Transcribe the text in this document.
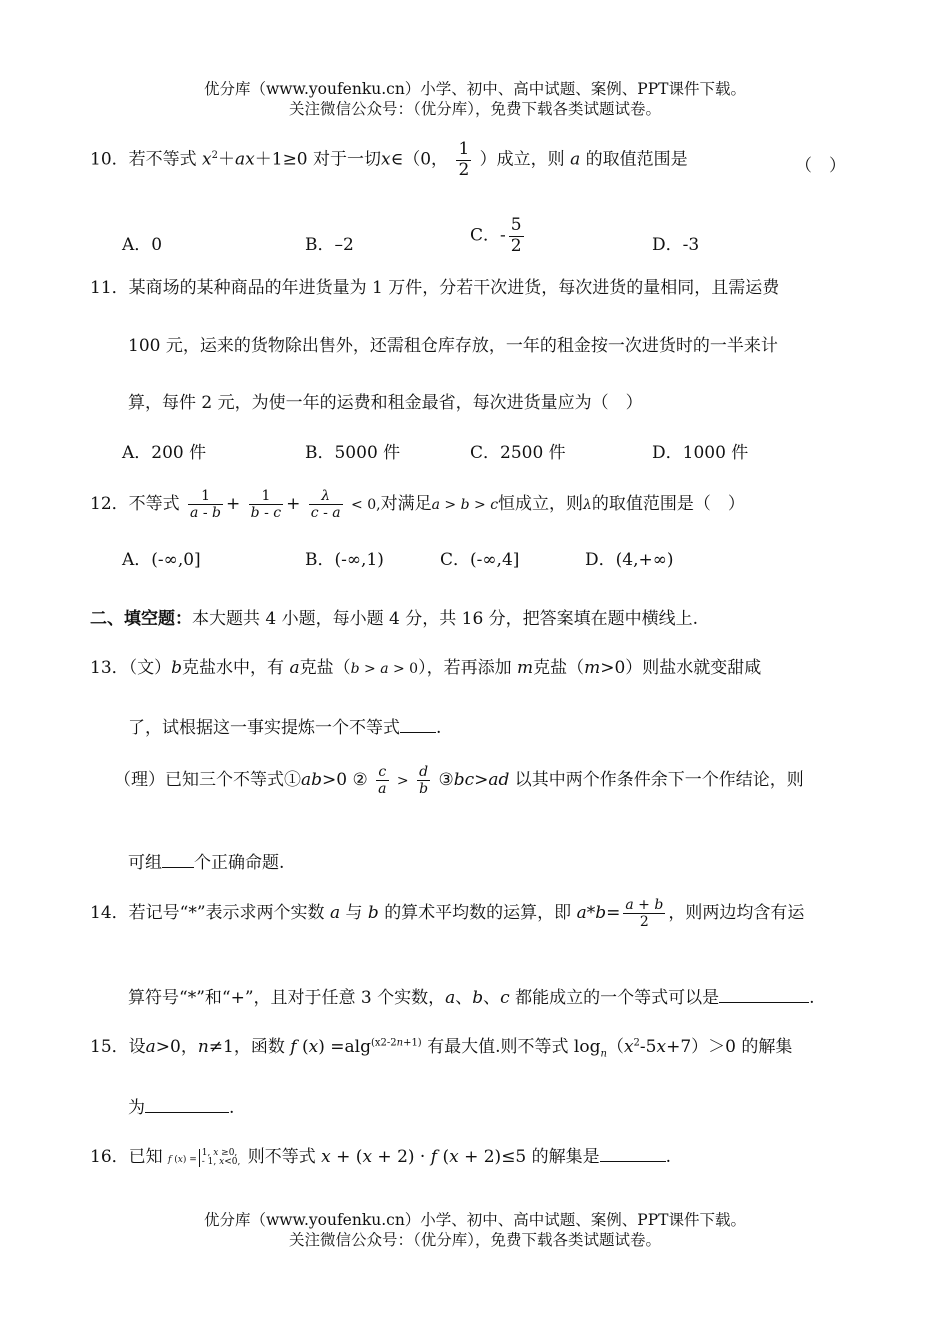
优分库（www.youfenku.cn）小学、初中、高中试题、案例、PPT课件下载。
关注微信公众号：（优分库），免费下载各类试题试卷。
10．若不等式 $x^2+ax+1\ge 0$ 对于一切x∈（0， $\frac{1}{2}$ ）成立，则 a 的取值范围是	（　）
A．0	B．–2	C．- $\frac{5}{2}$	D．-3
11．某商场的某种商品的年进货量为 1 万件，分若干次进货，每次进货的量相同，且需运费
100 元，运来的货物除出售外，还需租仓库存放，一年的租金按一次进货时的一半来计
算，每件 2 元，为使一年的运费和租金最省，每次进货量应为（　）
A．200 件	B．5000 件	C．2500 件	D．1000 件
12．不等式 $\frac{1}{a - b} + \frac{1}{b - c} + \frac{\lambda}{c - a} < 0$,对满足a > b > c恒成立，则λ的取值范围是（　）
A．(-∞,0]	B．(-∞,1)	C．(-∞,4]	D．(4,+∞)
二、填空题：本大题共 4 小题，每小题 4 分，共 16 分，把答案填在题中横线上.
13．（文）b克盐水中，有 a克盐（b > a > 0），若再添加 m克盐（m>0）则盐水就变甜咸
了，试根据这一事实提炼一个不等式 .
（理）已知三个不等式①ab>0 ② $\frac{c}{a} > \frac{d}{b}$ ③bc>ad 以其中两个作条件余下一个作结论，则
可组 个正确命题.
14．若记号“*”表示求两个实数 a 与 b 的算术平均数的运算，即 $a*b= \frac{a + b}{2}$ ，则两边均含有运
算符号“*”和“+”，且对于任意 3 个实数，a、b、c 都能成立的一个等式可以是	.
15．设a>0，n≠1，函数 f (x) =alg$^{(x2-2n+1)}$ 有最大值.则不等式 $\log_n(x^2-5x+7)>0$ 的解集
为	.
16．已知 f (x) =1, x ≥0,
- 1, x<0, 则不等式 x + (x + 2) · f (x + 2)≤5 的解集是	.
优分库（www.youfenku.cn）小学、初中、高中试题、案例、PPT课件下载。
关注微信公众号：（优分库），免费下载各类试题试卷。
